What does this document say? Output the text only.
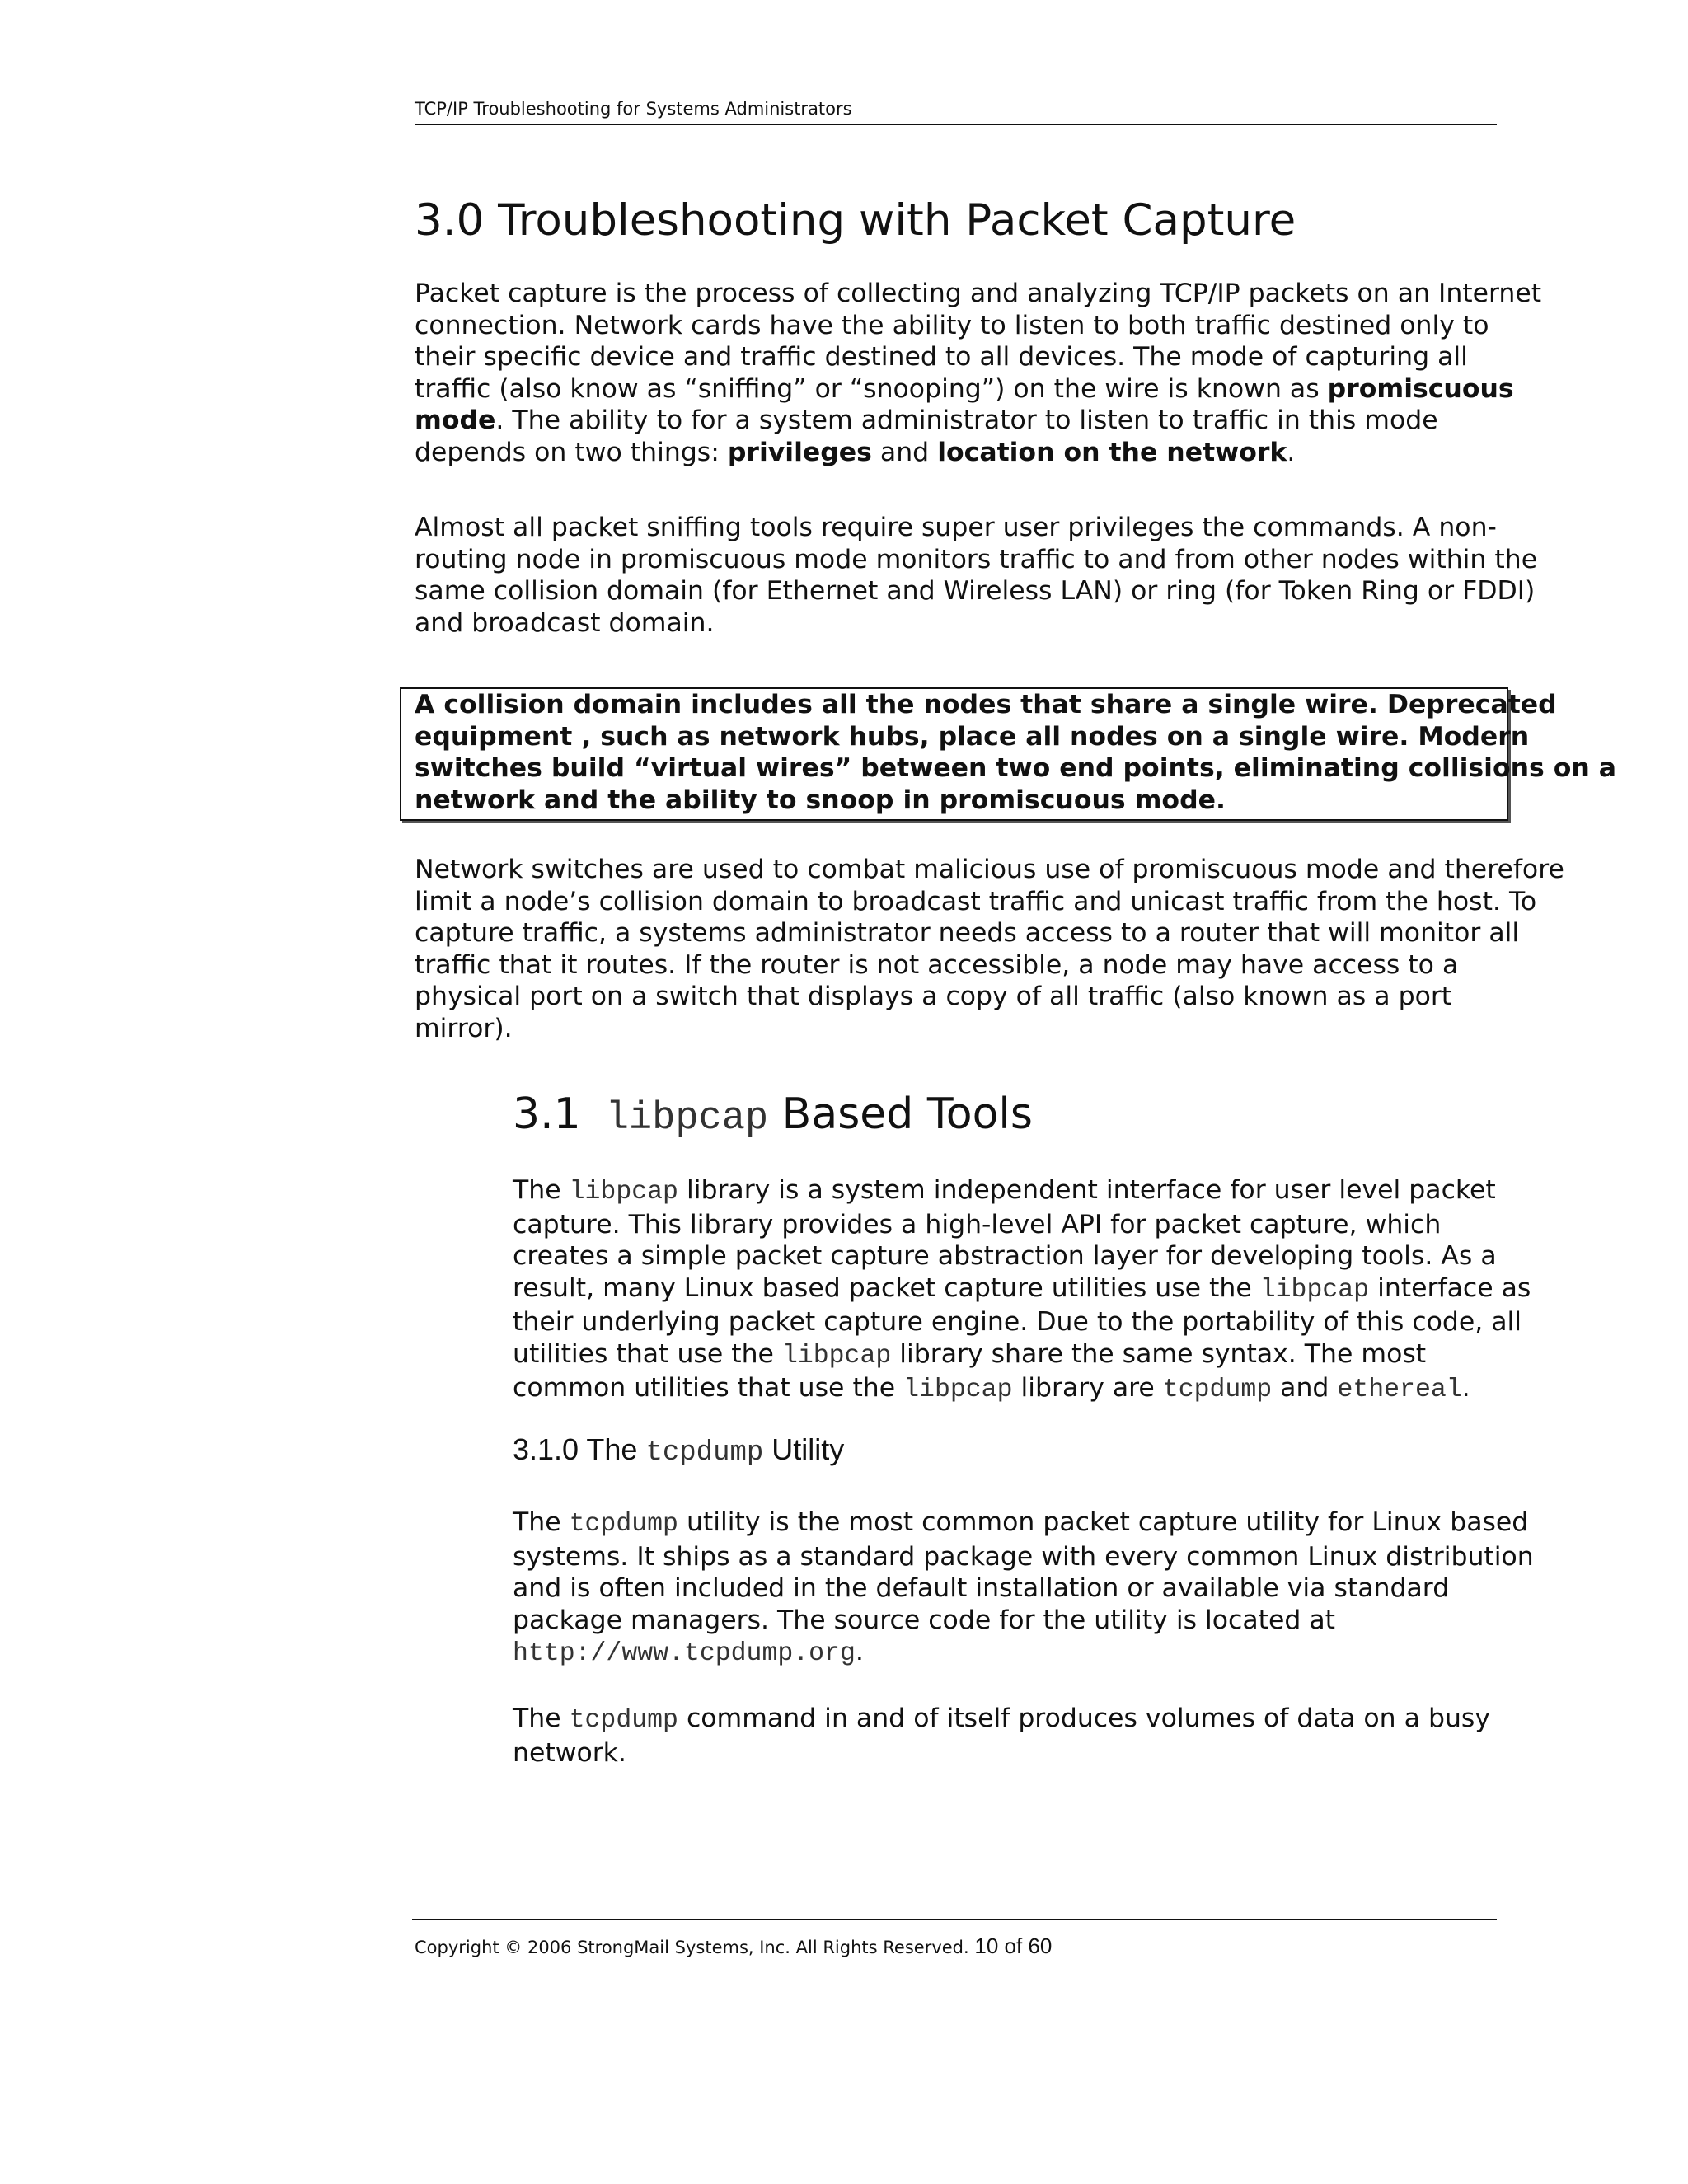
TCP/IP Troubleshooting for Systems Administrators
3.0 Troubleshooting with Packet Capture

Packet capture is the process of collecting and analyzing TCP/IP packets on an Internet
connection. Network cards have the ability to listen to both traffic destined only to
their specific device and traffic destined to all devices. The mode of capturing all
traffic (also know as “sniffing” or “snooping”) on the wire is known as promiscuous
mode. The ability to for a system administrator to listen to traffic in this mode
depends on two things: privileges and location on the network.

Almost all packet sniffing tools require super user privileges the commands. A non-
routing node in promiscuous mode monitors traffic to and from other nodes within the
same collision domain (for Ethernet and Wireless LAN) or ring (for Token Ring or FDDI)
and broadcast domain.

A collision domain includes all the nodes that share a single wire. Deprecated
equipment , such as network hubs, place all nodes on a single wire. Modern
switches build “virtual wires” between two end points, eliminating collisions on a
network and the ability to snoop in promiscuous mode.

Network switches are used to combat malicious use of promiscuous mode and therefore
limit a node’s collision domain to broadcast traffic and unicast traffic from the host. To
capture traffic, a systems administrator needs access to a router that will monitor all
traffic that it routes. If the router is not accessible, a node may have access to a
physical port on a switch that displays a copy of all traffic (also known as a port
mirror).

3.1 libpcap Based Tools

The libpcap library is a system independent interface for user level packet
capture. This library provides a high-level API for packet capture, which
creates a simple packet capture abstraction layer for developing tools. As a
result, many Linux based packet capture utilities use the libpcap interface as
their underlying packet capture engine. Due to the portability of this code, all
utilities that use the libpcap library share the same syntax. The most
common utilities that use the libpcap library are tcpdump and ethereal.

3.1.0 The tcpdump Utility

The tcpdump utility is the most common packet capture utility for Linux based
systems. It ships as a standard package with every common Linux distribution
and is often included in the default installation or available via standard
package managers. The source code for the utility is located at
http://www.tcpdump.org.

The tcpdump command in and of itself produces volumes of data on a busy
network.

Copyright © 2006 StrongMail Systems, Inc. All Rights Reserved. 10 of 60
